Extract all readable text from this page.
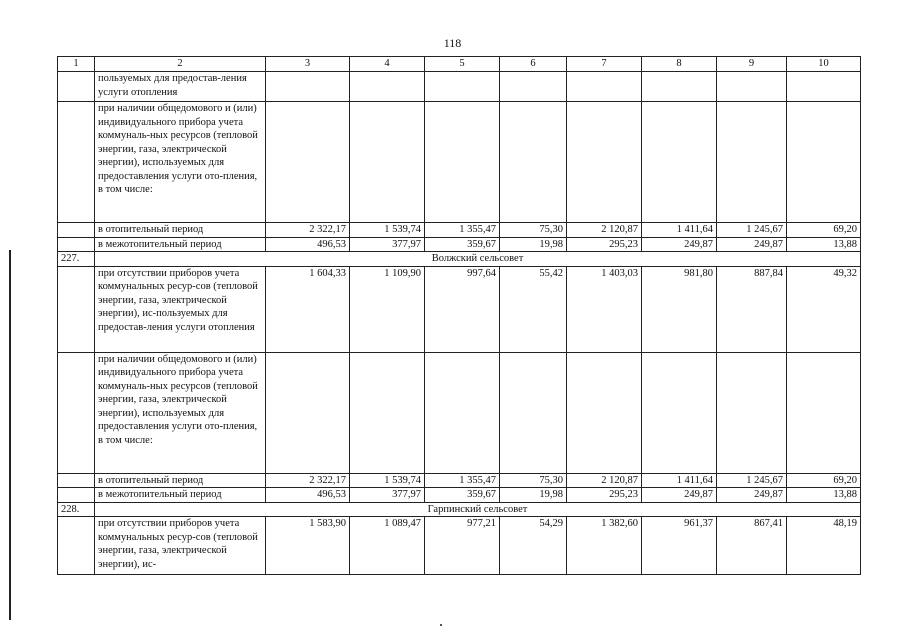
118
1	2	3	4	5	6	7	8	9	10
	пользуемых для предостав-ления услуги отопления								
	при наличии общедомового и (или) индивидуального прибора учета коммуналь-ных ресурсов (тепловой энергии, газа, электрической энергии), используемых для предоставления услуги ото-пления, в том числе:								
	в отопительный период	2 322,17	1 539,74	1 355,47	75,30	2 120,87	1 411,64	1 245,67	69,20
	в межотопительный период	496,53	377,97	359,67	19,98	295,23	249,87	249,87	13,88
227.	Волжский сельсовет								
	при отсутствии приборов учета коммунальных ресур-сов (тепловой энергии, газа, электрической энергии), ис-пользуемых для предостав-ления услуги отопления	1 604,33	1 109,90	997,64	55,42	1 403,03	981,80	887,84	49,32
	при наличии общедомового и (или) индивидуального прибора учета коммуналь-ных ресурсов (тепловой энергии, газа, электрической энергии), используемых для предоставления услуги ото-пления, в том числе:								
	в отопительный период	2 322,17	1 539,74	1 355,47	75,30	2 120,87	1 411,64	1 245,67	69,20
	в межотопительный период	496,53	377,97	359,67	19,98	295,23	249,87	249,87	13,88
228.	Гарпинский сельсовет								
	при отсутствии приборов учета коммунальных ресур-сов (тепловой энергии, газа, электрической энергии), ис-	1 583,90	1 089,47	977,21	54,29	1 382,60	961,37	867,41	48,19
